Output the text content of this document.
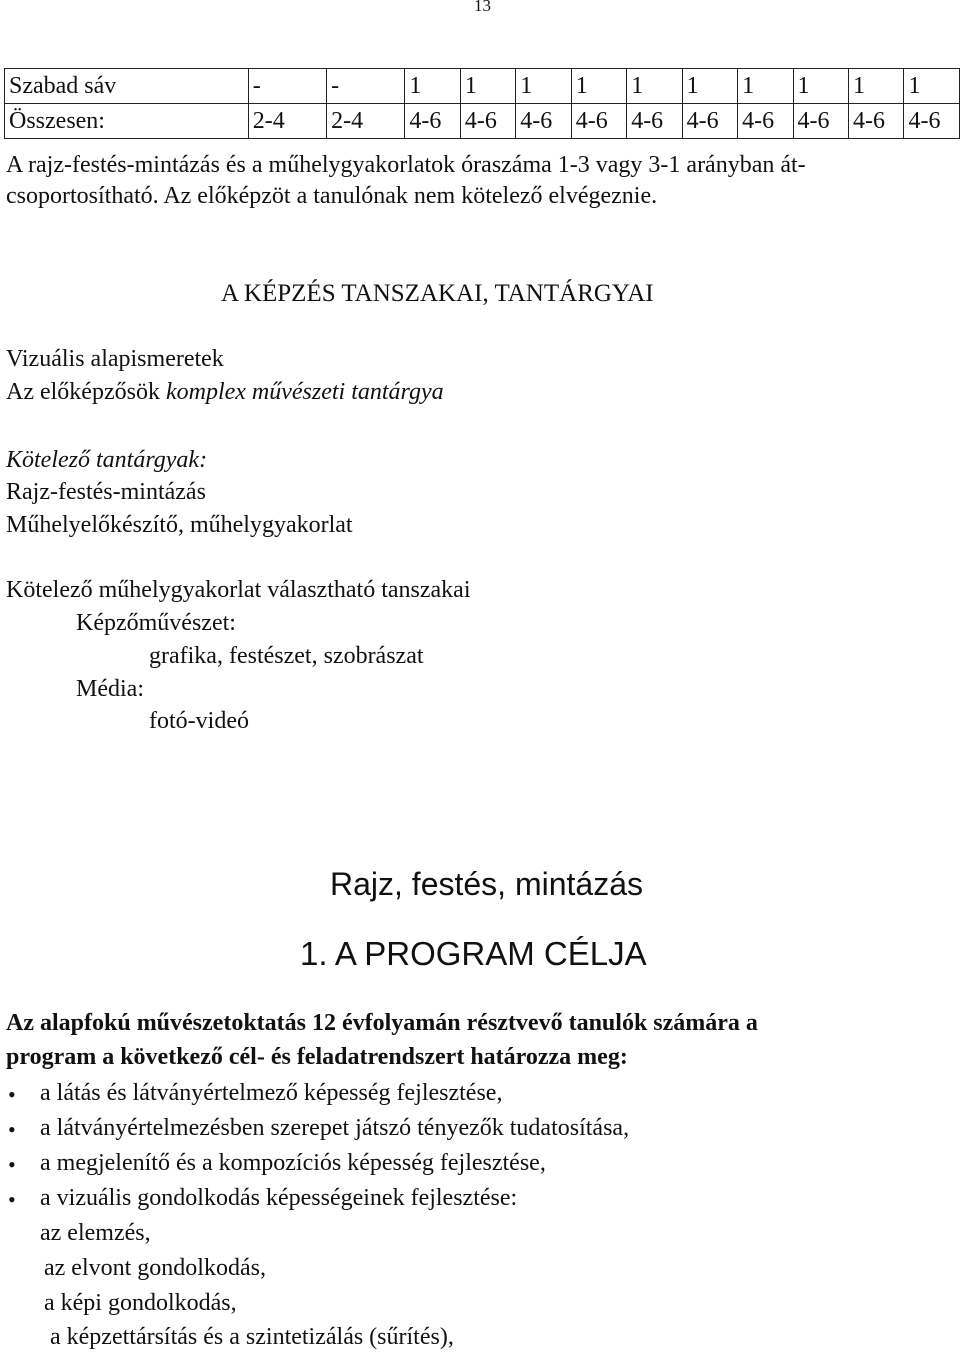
13
Szabad sáv	-	-	1	1	1	1	1	1	1	1	1	1
Összesen:	2-4	2-4	4-6	4-6	4-6	4-6	4-6	4-6	4-6	4-6	4-6	4-6
A rajz-festés-mintázás és a műhelygyakorlatok óraszáma 1-3 vagy 3-1 arányban át-
csoportosítható. Az előképzöt a tanulónak nem kötelező elvégeznie.
A KÉPZÉS TANSZAKAI, TANTÁRGYAI
Vizuális alapismeretek
Az előképzősök komplex művészeti tantárgya
Kötelező tantárgyak:
Rajz-festés-mintázás
Műhelyelőkészítő, műhelygyakorlat
Kötelező műhelygyakorlat választható tanszakai
Képzőművészet:
grafika, festészet, szobrászat
Média:
fotó-videó
Rajz, festés, mintázás
1. A PROGRAM CÉLJA
Az alapfokú művészetoktatás 12 évfolyamán résztvevő tanulók számára a
program a következő cél- és feladatrendszert határozza meg:
• a látás és látványértelmező képesség fejlesztése,
• a látványértelmezésben szerepet játszó tényezők tudatosítása,
• a megjelenítő és a kompozíciós képesség fejlesztése,
• a vizuális gondolkodás képességeinek fejlesztése:
az elemzés,
az elvont gondolkodás,
a képi gondolkodás,
a képzettársítás és a szintetizálás (sűrítés),
